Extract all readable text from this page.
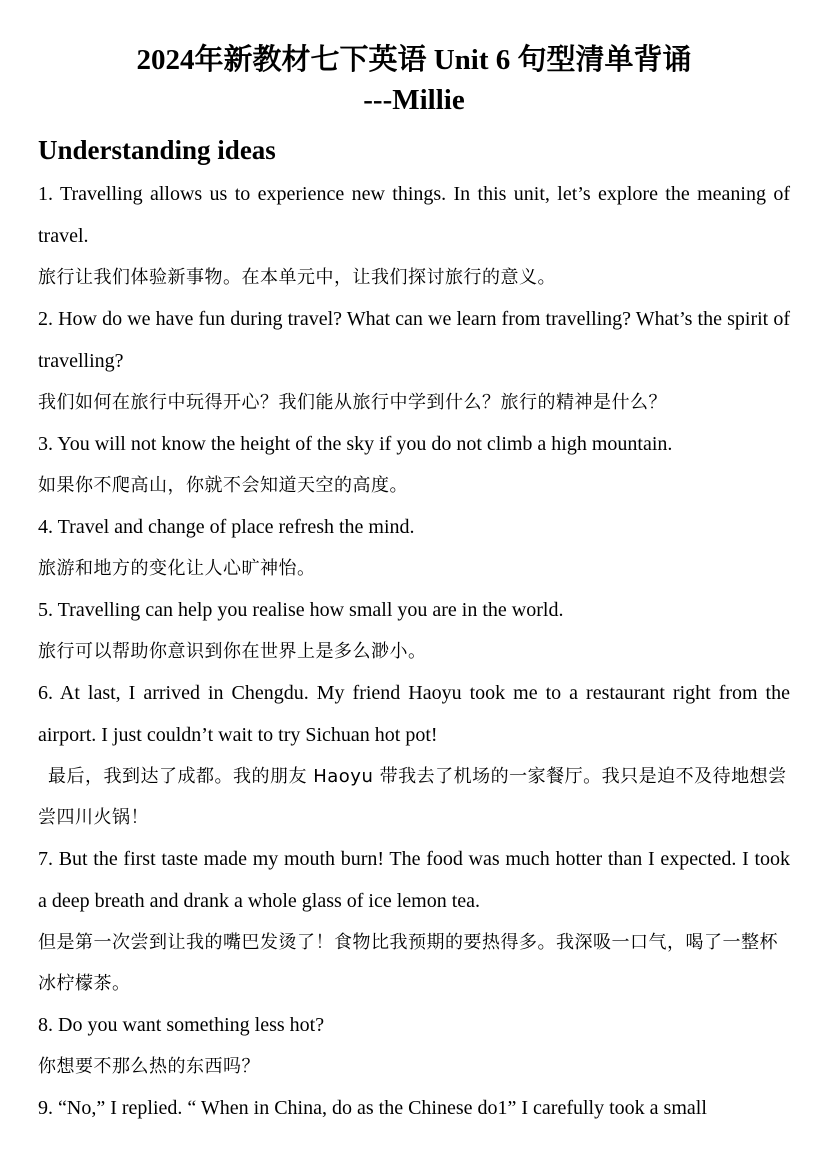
2024年新教材七下英语 Unit 6 句型清单背诵
---Millie
Understanding ideas

1. Travelling allows us to experience new things. In this unit, let’s explore the meaning of travel.

旅行让我们体验新事物。在本单元中，让我们探讨旅行的意义。

2. How do we have fun during travel? What can we learn from travelling? What’s the spirit of travelling?

我们如何在旅行中玩得开心？我们能从旅行中学到什么？旅行的精神是什么？

3. You will not know the height of the sky if you do not climb a high mountain.

如果你不爬高山，你就不会知道天空的高度。

4. Travel and change of place refresh the mind.

旅游和地方的变化让人心旷神怡。

5. Travelling can help you realise how small you are in the world.

旅行可以帮助你意识到你在世界上是多么渺小。

6. At last, I arrived in Chengdu. My friend Haoyu took me to a restaurant right from the airport. I just couldn’t wait to try Sichuan hot pot!

最后，我到达了成都。我的朋友 Haoyu 带我去了机场的一家餐厅。我只是迫不及待地想尝尝四川火锅！

7. But the first taste made my mouth burn! The food was much hotter than I expected. I took a deep breath and drank a whole glass of ice lemon tea.

但是第一次尝到让我的嘴巴发烫了！食物比我预期的要热得多。我深吸一口气，喝了一整杯冰柠檬茶。

8. Do you want something less hot?

你想要不那么热的东西吗？

9. “No,” I replied. “ When in China, do as the Chinese do1” I carefully took a small
